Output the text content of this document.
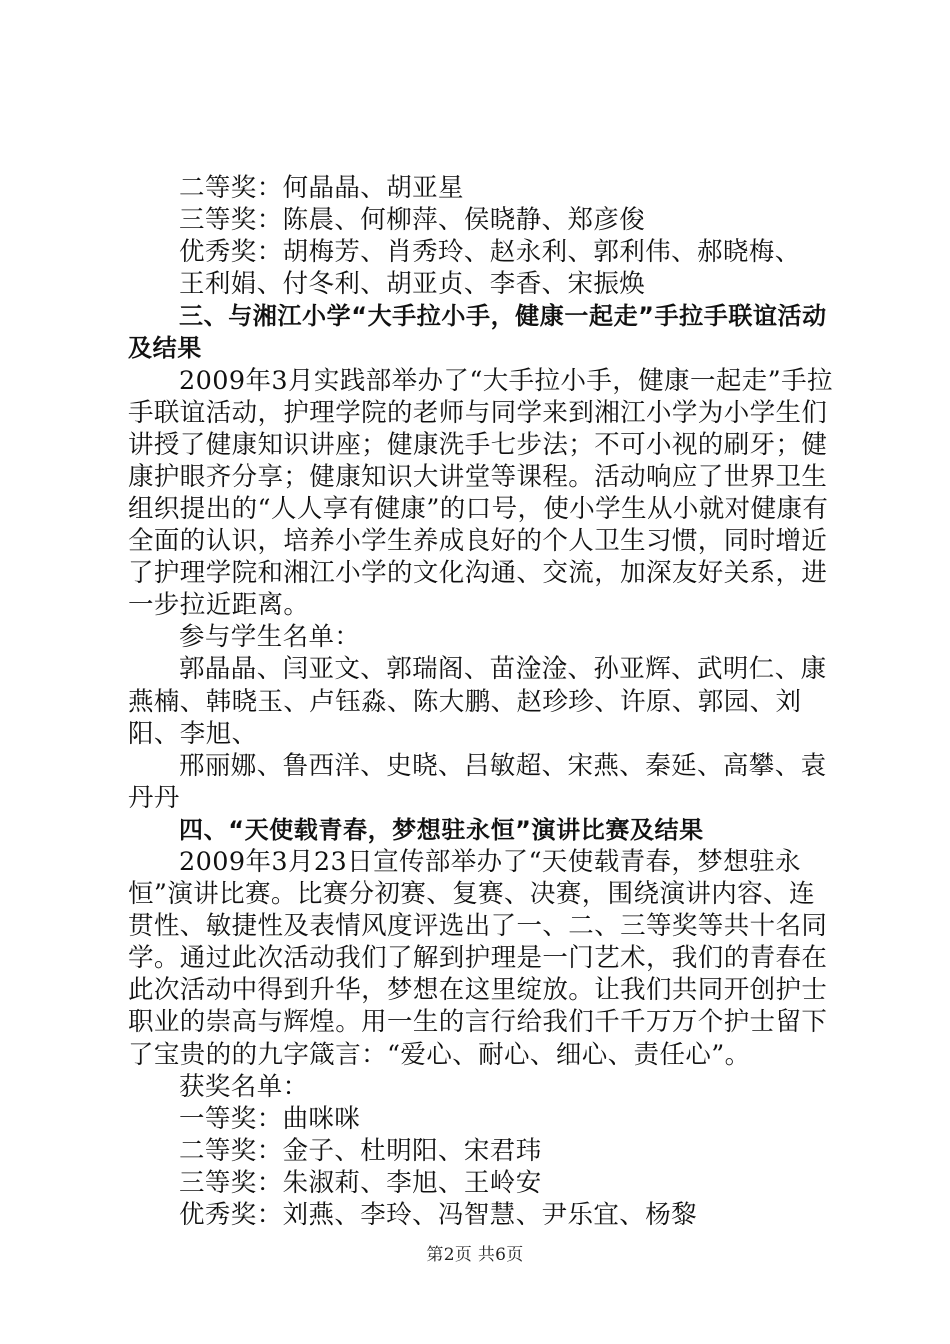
二等奖：何晶晶、胡亚星

三等奖：陈晨、何柳萍、侯晓静、郑彦俊

优秀奖：胡梅芳、肖秀玲、赵永利、郭利伟、郝晓梅、

王利娟、付冬利、胡亚贞、李香、宋振焕

三、与湘江小学“大手拉小手，健康一起走”手拉手联谊活动及结果

2009年3月实践部举办了“大手拉小手，健康一起走”手拉手联谊活动，护理学院的老师与同学来到湘江小学为小学生们讲授了健康知识讲座；健康洗手七步法；不可小视的刷牙；健康护眼齐分享；健康知识大讲堂等课程。活动响应了世界卫生组织提出的“人人享有健康”的口号，使小学生从小就对健康有全面的认识，培养小学生养成良好的个人卫生习惯，同时增近了护理学院和湘江小学的文化沟通、交流，加深友好关系，进一步拉近距离。

参与学生名单：

郭晶晶、闫亚文、郭瑞阁、苗淦淦、孙亚辉、武明仁、康燕楠、韩晓玉、卢钰淼、陈大鹏、赵珍珍、许原、郭园、刘阳、李旭、

邢丽娜、鲁西洋、史晓、吕敏超、宋燕、秦延、高攀、袁丹丹

四、“天使载青春，梦想驻永恒”演讲比赛及结果

2009年3月23日宣传部举办了“天使载青春，梦想驻永恒”演讲比赛。比赛分初赛、复赛、决赛，围绕演讲内容、连贯性、敏捷性及表情风度评选出了一、二、三等奖等共十名同学。通过此次活动我们了解到护理是一门艺术，我们的青春在此次活动中得到升华，梦想在这里绽放。让我们共同开创护士职业的崇高与辉煌。用一生的言行给我们千千万万个护士留下了宝贵的的九字箴言：“爱心、耐心、细心、责任心”。

获奖名单：

一等奖：曲咪咪

二等奖：金子、杜明阳、宋君玮

三等奖：朱淑莉、李旭、王岭安

优秀奖：刘燕、李玲、冯智慧、尹乐宜、杨黎

第2页 共6页
